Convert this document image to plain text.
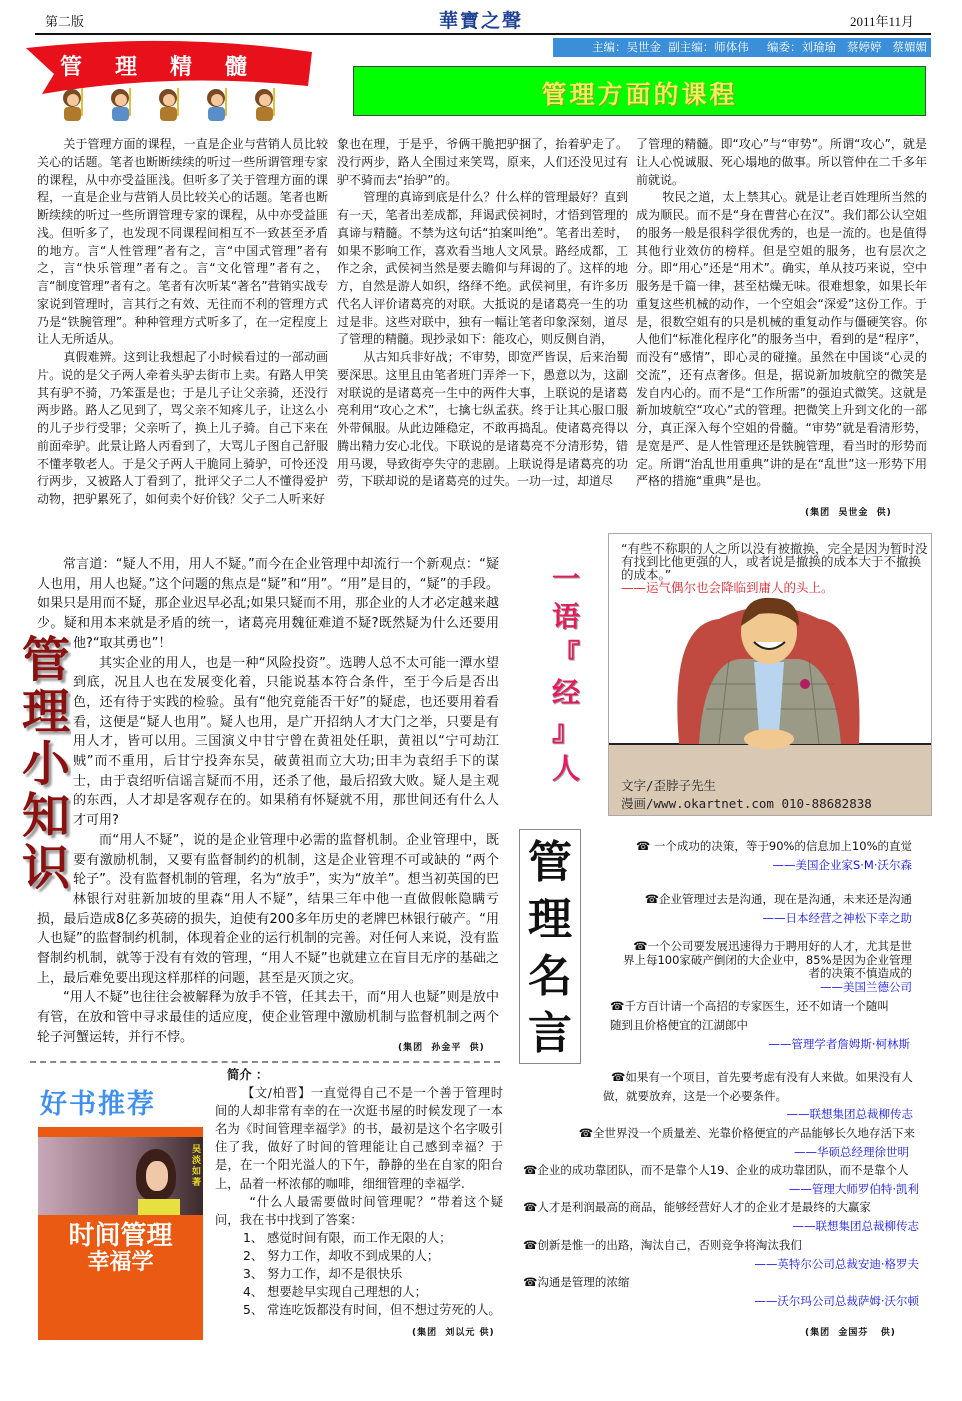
第二版	華寶之聲	2011年11月
主编：吴世金  副主编：师体伟     编委：刘瑜瑜   蔡婷婷   蔡媚媚
管理精髓
管理方面的课程

关于管理方面的课程，一直是企业与营销人员比较关心的话题。笔者也断断续续的听过一些所谓管理专家的课程，从中亦受益匪浅。但听多了关于管理方面的课程，一直是企业与营销人员比较关心的话题。笔者也断断续续的听过一些所谓管理专家的课程，从中亦受益匪浅。但听多了，也发现不同课程间相互不一致甚至矛盾的地方。言“人性管理”者有之，言“中国式管理”者有之，言“快乐管理”者有之。言“文化管理”者有之，言“制度管理”者有之。笔者有次听某“著名”营销实战专家说到管理时，言其行之有效、无往而不利的管理方式乃是“铁腕管理”。种种管理方式听多了，在一定程度上让人无所适从。

真假难辨。这到让我想起了小时候看过的一部动画片。说的是父子两人牵着头驴去街市上卖。有路人甲笑其有驴不骑，乃笨蛋是也；于是儿子让父亲骑，还没行两步路。路人乙见到了，骂父亲不知疼儿子，让这么小的儿子步行受罪；父亲听了，换上儿子骑。自己下来在前面牵驴。此景让路人丙看到了，大骂儿子图自己舒服不懂孝敬老人。于是父子两人干脆同上骑驴，可怜还没行两步，又被路人丁看到了，批评父子二人不懂得爱护动物，把驴累死了，如何卖个好价钱？父子二人听来好

象也在理，于是乎，爷俩干脆把驴捆了，抬着驴走了。没行两步，路人全围过来笑骂，原来，人们还没见过有驴不骑而去“抬驴”的。

管理的真谛到底是什么？什么样的管理最好？直到有一天，笔者出差成都，拜谒武侯祠时，才悟到管理的真谛与精髓。不禁为这句话“拍案叫绝”。笔者出差时，如果不影响工作，喜欢看当地人文风景。路经成都，工作之余，武侯祠当然是要去瞻仰与拜谒的了。这样的地方，自然是游人如织，络绎不绝。武侯祠里，有许多历代名人评价诸葛亮的对联。大抵说的是诸葛亮一生的功过是非。这些对联中，独有一幅让笔者印象深刻，道尽了管理的精髓。现抄录如下：能攻心，则反侧自消，

从古知兵非好战；不审势，即宽严皆误，后来治蜀要深思。这里且由笔者班门弄斧一下，愚意以为，这副对联说的是诸葛亮一生中的两件大事，上联说的是诸葛亮利用“攻心之术”，七擒七纵孟获。终于让其心服口服外带佩服。从此边陲稳定，不敢再捣乱。使诸葛亮得以腾出精力安心北伐。下联说的是诸葛亮不分清形势，错用马谡，导致街亭失守的悲剧。上联说得是诸葛亮的功劳，下联却说的是诸葛亮的过失。一功一过，却道尽

了管理的精髓。即“攻心”与“审势”。所谓“攻心”，就是让人心悦诚服、死心塌地的做事。所以管仲在二千多年前就说。

牧民之道，太上禁其心。就是让老百姓理所当然的成为顺民。而不是“身在曹营心在汉”。我们都公认空姐的服务一般是很科学很优秀的，也是一流的。也是值得其他行业效仿的榜样。但是空姐的服务，也有层次之分。即“用心”还是“用术”。确实，单从技巧来说，空中服务是千篇一律，甚至枯燥无味。很难想象，如果长年重复这些机械的动作，一个空姐会“深爱”这份工作。于是，很数空姐有的只是机械的重复动作与僵硬笑容。你人他们“标准化程序化”的服务当中，看到的是“程序”，而没有“感情”，即心灵的碰撞。虽然在中国谈“心灵的交流”，还有点奢侈。但是，据说新加坡航空的微笑是发自内心的。而不是“工作所需”的强迫式微笑。这就是新加坡航空“攻心”式的管理。把微笑上升到文化的一部分，真正深入每个空姐的骨髓。“审势”就是看清形势，是宽是严、是人性管理还是铁腕管理，看当时的形势而定。所谓“治乱世用重典”讲的是在“乱世”这一形势下用严格的措施“重典”是也。

(集团  吴世金  供)
管理小知识

常言道：“疑人不用，用人不疑。”而今在企业管理中却流行一个新观点：“疑人也用，用人也疑。”这个问题的焦点是“疑”和“用”。“用”是目的，“疑”的手段。如果只是用而不疑，那企业迟早必乱;如果只疑而不用，那企业的人才必定越来越少。疑和用本来就是矛盾的统一，诸葛亮用魏征难道不疑?既然疑为什么还要用他?“取其勇也”！

其实企业的用人，也是一种“风险投资”。选聘人总不太可能一潭水望到底，况且人也在发展变化着，只能说基本符合条件，至于今后是否出色，还有待于实践的检验。虽有“他究竟能否干好”的疑虑，也还要用着看看，这便是“疑人也用”。疑人也用，是广开招纳人才大门之举，只要是有用人才，皆可以用。三国演义中甘宁曾在黄祖处任职，黄祖以“宁可劫江贼”而不重用，后甘宁投奔东吴，破黄祖而立大功;田丰为袁绍手下的谋士，由于袁绍听信谣言疑而不用，还杀了他，最后招致大败。疑人是主观的东西，人才却是客观存在的。如果稍有怀疑就不用，那世间还有什么人才可用?

而“用人不疑”，说的是企业管理中必需的监督机制。企业管理中，既要有激励机制，又要有监督制约的机制，这是企业管理不可或缺的 “两个轮子”。没有监督机制的管理，名为“放手”，实为“放羊”。想当初英国的巴林银行对驻新加坡的里森“用人不疑”，结果三年中他一直做假帐隐瞒亏损，最后造成8亿多英磅的损失，迫使有200多年历史的老牌巴林银行破产。“用人也疑”的监督制约机制，体现着企业的运行机制的完善。对任何人来说，没有监督制约机制，就等于没有有效的管理，“用人不疑”也就建立在盲目无序的基础之上，最后难免要出现这样那样的问题，甚至是灭顶之灾。

“用人不疑”也往往会被解释为放手不管，任其去干，而“用人也疑”则是放中有管，在放和管中寻求最佳的适应度，使企业管理中激励机制与监督机制之两个轮子河蟹运转，并行不悖。

(集团  孙金平  供)
一
语
『
经
』
人
“有些不称职的人之所以没有被撤换，完全是因为暂时没有找到比他更强的人，或者说是撤换的成本大于不撤换的成本。”
——运气偶尔也会降临到庸人的头上。
文字/歪脖子先生
漫画/www.okartnet.com 010-88682838
管
理
名
言
☎ 一个成功的决策，等于90%的信息加上10%的直觉
——美国企业家S·M·沃尔森
☎企业管理过去是沟通，现在是沟通，未来还是沟通
——日本经营之神松下幸之助
☎一个公司要发展迅速得力于聘用好的人才，尤其是世界上每100家破产倒闭的大企业中，85%是因为企业管理者的决策不慎造成的
——美国兰德公司
☎千方百计请一个高招的专家医生，还不如请一个随叫随到且价格便宜的江湖郎中
——管理学者詹姆斯·柯林斯
☎如果有一个项目，首先要考虑有没有人来做。如果没有人做，就要放弃，这是一个必要条件。
——联想集团总裁柳传志
☎全世界没一个质量差、光靠价格便宜的产品能够长久地存活下来
——华硕总经理徐世明
☎企业的成功靠团队，而不是靠个人19、企业的成功靠团队，而不是靠个人
——管理大师罗伯特·凯利
☎人才是利润最高的商品，能够经营好人才的企业才是最终的大赢家
——联想集团总裁柳传志
☎创新是惟一的出路，淘汰自己，否则竞争将淘汰我们
——英特尔公司总裁安迪·格罗夫
☎沟通是管理的浓缩
——沃尔玛公司总裁萨姆·沃尔顿
(集团  金国芬   供)
好书推荐
吴淡如 著
时间管理
幸福学

简介 ：

【文/柏晋】一直觉得自己不是一个善于管理时间的人却非常有幸的在一次逛书屋的时候发现了一本名为《时间管理幸福学》的书，最初是这个名字吸引住了我，做好了时间的管理能让自己感到幸福？于是，在一个阳光溢人的下午，静静的坐在自家的阳台上，品着一杯浓郁的咖啡，细细管理的幸福学.

“什么人最需要做时间管理呢？”带着这个疑问，我在书中找到了答案：

1、 感觉时间有限，而工作无限的人；

2、 努力工作，却收不到成果的人；

3、 努力工作，却不是很快乐

4、 想要趁早实现自己理想的人；

5、 常连吃饭都没有时间，但不想过劳死的人。

(集团  刘以元 供)
